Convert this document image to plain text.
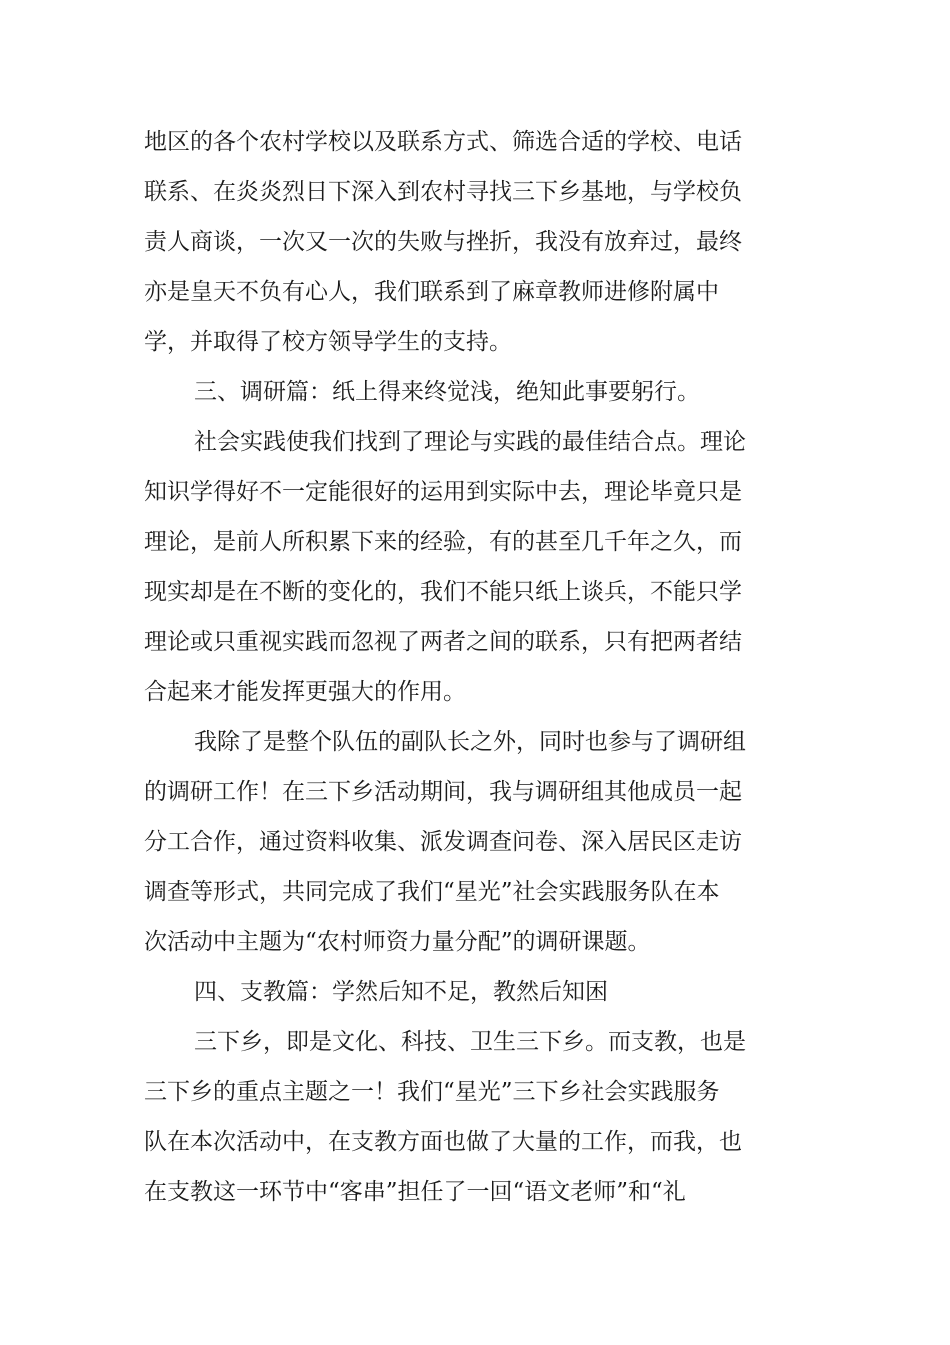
地区的各个农村学校以及联系方式、筛选合适的学校、电话
联系、在炎炎烈日下深入到农村寻找三下乡基地，与学校负
责人商谈，一次又一次的失败与挫折，我没有放弃过，最终
亦是皇天不负有心人，我们联系到了麻章教师进修附属中
学，并取得了校方领导学生的支持。
三、调研篇：纸上得来终觉浅，绝知此事要躬行。
社会实践使我们找到了理论与实践的最佳结合点。理论
知识学得好不一定能很好的运用到实际中去，理论毕竟只是
理论，是前人所积累下来的经验，有的甚至几千年之久，而
现实却是在不断的变化的，我们不能只纸上谈兵，不能只学
理论或只重视实践而忽视了两者之间的联系，只有把两者结
合起来才能发挥更强大的作用。
我除了是整个队伍的副队长之外，同时也参与了调研组
的调研工作！在三下乡活动期间，我与调研组其他成员一起
分工合作，通过资料收集、派发调查问卷、深入居民区走访
调查等形式，共同完成了我们“星光”社会实践服务队在本
次活动中主题为“农村师资力量分配”的调研课题。
四、支教篇：学然后知不足，教然后知困
三下乡，即是文化、科技、卫生三下乡。而支教，也是
三下乡的重点主题之一！我们“星光”三下乡社会实践服务
队在本次活动中，在支教方面也做了大量的工作，而我，也
在支教这一环节中“客串”担任了一回“语文老师”和“礼
